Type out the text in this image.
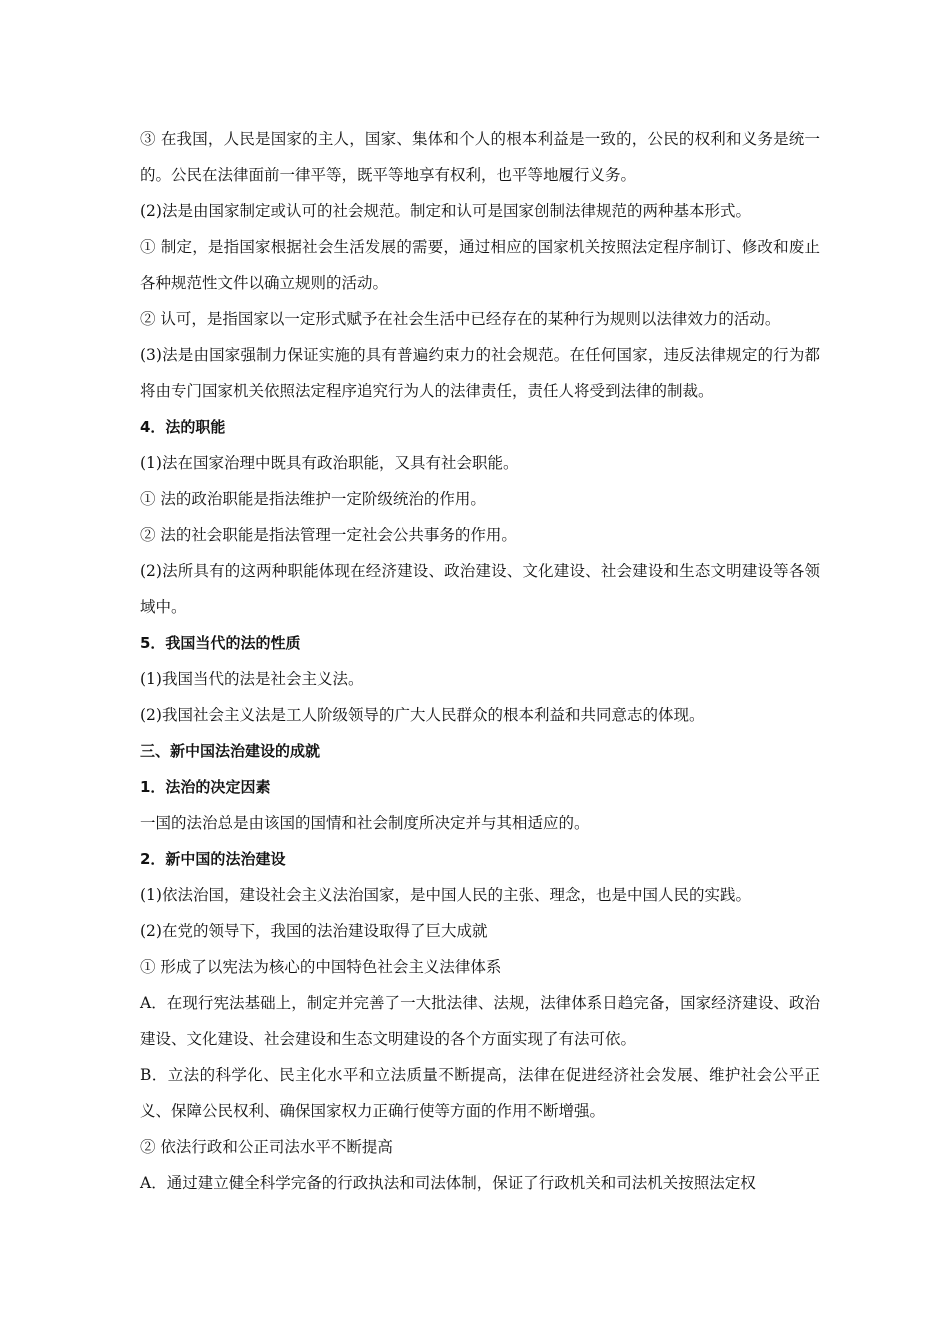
③ 在我国，人民是国家的主人，国家、集体和个人的根本利益是一致的，公民的权利和义务是统一的。公民在法律面前一律平等，既平等地享有权利，也平等地履行义务。

(2)法是由国家制定或认可的社会规范。制定和认可是国家创制法律规范的两种基本形式。

① 制定，是指国家根据社会生活发展的需要，通过相应的国家机关按照法定程序制订、修改和废止各种规范性文件以确立规则的活动。

② 认可，是指国家以一定形式赋予在社会生活中已经存在的某种行为规则以法律效力的活动。

(3)法是由国家强制力保证实施的具有普遍约束力的社会规范。在任何国家，违反法律规定的行为都将由专门国家机关依照法定程序追究行为人的法律责任，责任人将受到法律的制裁。

4．法的职能

(1)法在国家治理中既具有政治职能，又具有社会职能。

① 法的政治职能是指法维护一定阶级统治的作用。

② 法的社会职能是指法管理一定社会公共事务的作用。

(2)法所具有的这两种职能体现在经济建设、政治建设、文化建设、社会建设和生态文明建设等各领域中。

5．我国当代的法的性质

(1)我国当代的法是社会主义法。

(2)我国社会主义法是工人阶级领导的广大人民群众的根本利益和共同意志的体现。

三、新中国法治建设的成就

1．法治的决定因素

一国的法治总是由该国的国情和社会制度所决定并与其相适应的。

2．新中国的法治建设

(1)依法治国，建设社会主义法治国家，是中国人民的主张、理念，也是中国人民的实践。

(2)在党的领导下，我国的法治建设取得了巨大成就

① 形成了以宪法为核心的中国特色社会主义法律体系

A．在现行宪法基础上，制定并完善了一大批法律、法规，法律体系日趋完备，国家经济建设、政治建设、文化建设、社会建设和生态文明建设的各个方面实现了有法可依。

B．立法的科学化、民主化水平和立法质量不断提高，法律在促进经济社会发展、维护社会公平正义、保障公民权利、确保国家权力正确行使等方面的作用不断增强。

② 依法行政和公正司法水平不断提高

A．通过建立健全科学完备的行政执法和司法体制，保证了行政机关和司法机关按照法定权
